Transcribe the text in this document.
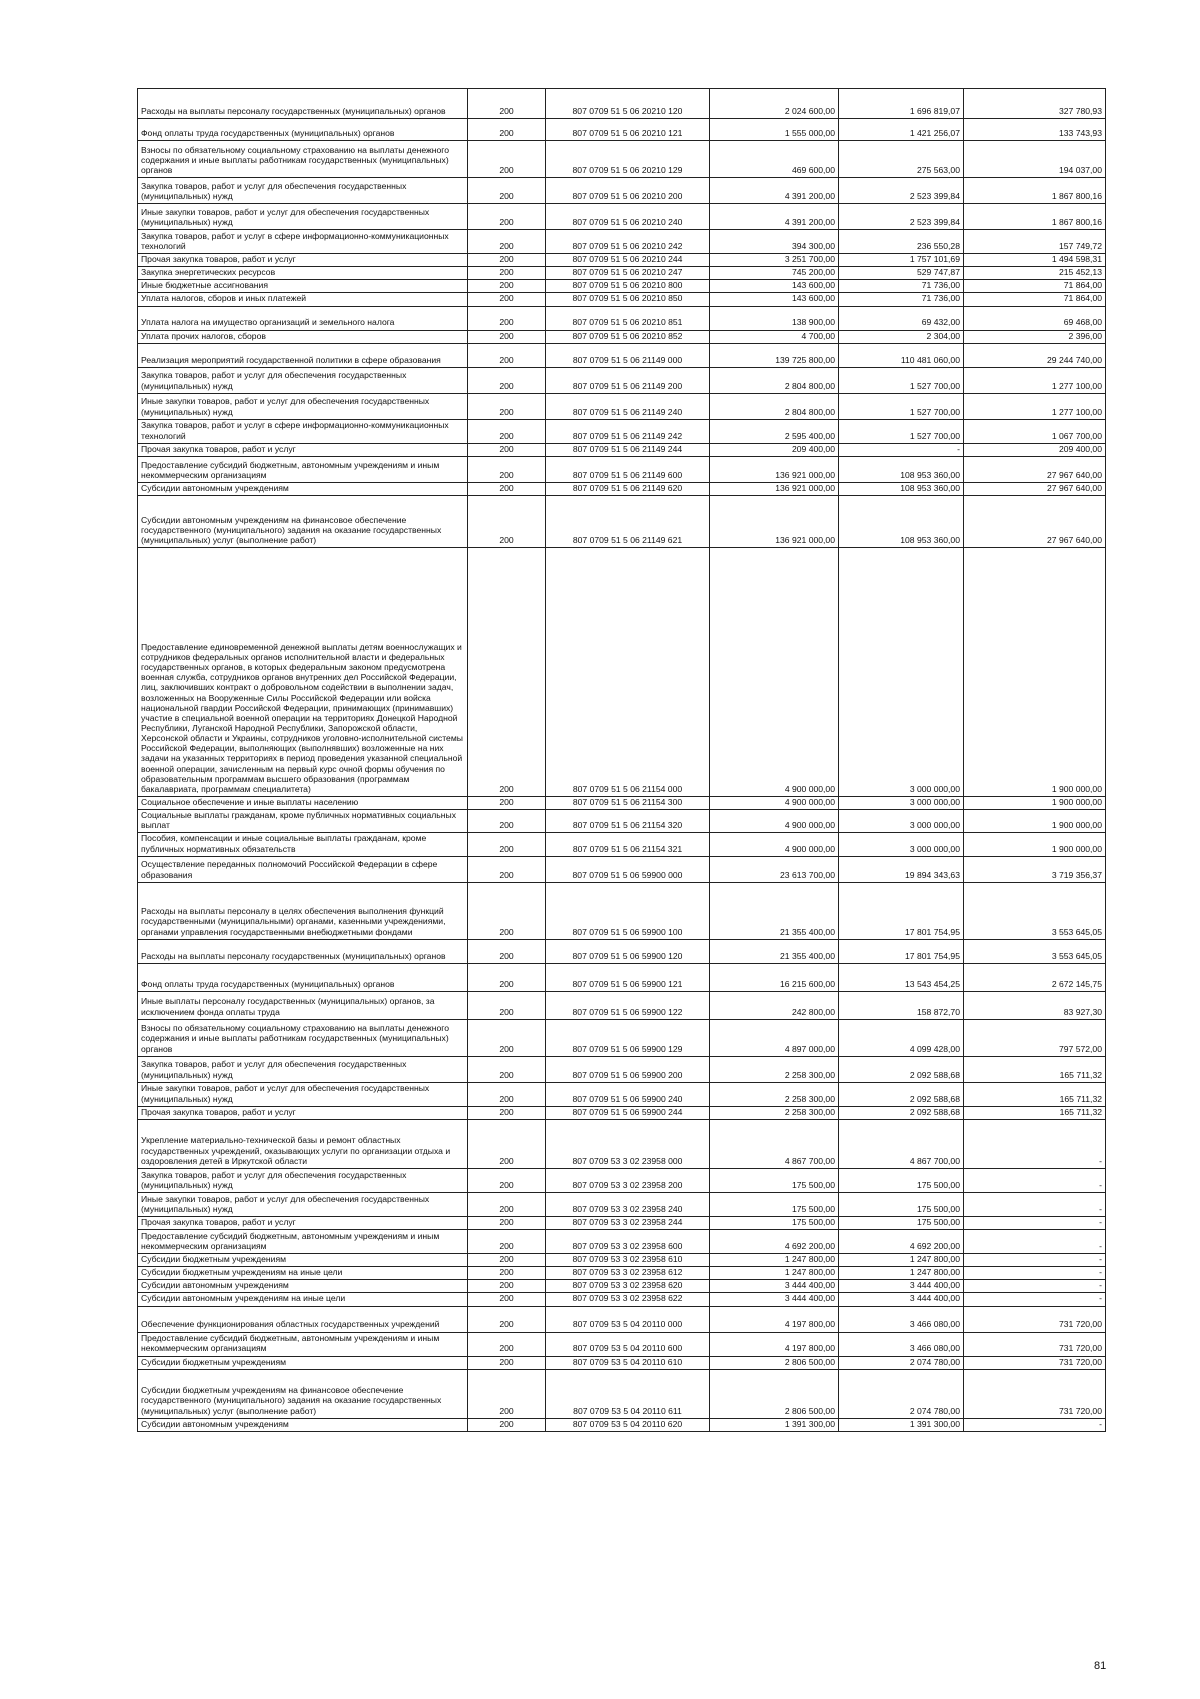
Расходы на выплаты персоналу государственных (муниципальных) органов	200	807 0709 51 5 06 20210 120	2 024 600,00	1 696 819,07	327 780,93
Фонд оплаты труда государственных (муниципальных) органов	200	807 0709 51 5 06 20210 121	1 555 000,00	1 421 256,07	133 743,93
Взносы по обязательному социальному страхованию на выплаты денежного содержания и иные выплаты работникам государственных (муниципальных) органов	200	807 0709 51 5 06 20210 129	469 600,00	275 563,00	194 037,00
Закупка товаров, работ и услуг для обеспечения государственных (муниципальных) нужд	200	807 0709 51 5 06 20210 200	4 391 200,00	2 523 399,84	1 867 800,16
Иные закупки товаров, работ и услуг для обеспечения государственных (муниципальных) нужд	200	807 0709 51 5 06 20210 240	4 391 200,00	2 523 399,84	1 867 800,16
Закупка товаров, работ и услуг в сфере информационно-коммуникационных технологий	200	807 0709 51 5 06 20210 242	394 300,00	236 550,28	157 749,72
Прочая закупка товаров, работ и услуг	200	807 0709 51 5 06 20210 244	3 251 700,00	1 757 101,69	1 494 598,31
Закупка энергетических ресурсов	200	807 0709 51 5 06 20210 247	745 200,00	529 747,87	215 452,13
Иные бюджетные ассигнования	200	807 0709 51 5 06 20210 800	143 600,00	71 736,00	71 864,00
Уплата налогов, сборов и иных платежей	200	807 0709 51 5 06 20210 850	143 600,00	71 736,00	71 864,00
Уплата налога на имущество организаций и земельного налога	200	807 0709 51 5 06 20210 851	138 900,00	69 432,00	69 468,00
Уплата прочих налогов, сборов	200	807 0709 51 5 06 20210 852	4 700,00	2 304,00	2 396,00
Реализация мероприятий государственной политики в сфере образования	200	807 0709 51 5 06 21149 000	139 725 800,00	110 481 060,00	29 244 740,00
Закупка товаров, работ и услуг для обеспечения государственных (муниципальных) нужд	200	807 0709 51 5 06 21149 200	2 804 800,00	1 527 700,00	1 277 100,00
Иные закупки товаров, работ и услуг для обеспечения государственных (муниципальных) нужд	200	807 0709 51 5 06 21149 240	2 804 800,00	1 527 700,00	1 277 100,00
Закупка товаров, работ и услуг в сфере информационно-коммуникационных технологий	200	807 0709 51 5 06 21149 242	2 595 400,00	1 527 700,00	1 067 700,00
Прочая закупка товаров, работ и услуг	200	807 0709 51 5 06 21149 244	209 400,00	-	209 400,00
Предоставление субсидий бюджетным, автономным учреждениям и иным некоммерческим организациям	200	807 0709 51 5 06 21149 600	136 921 000,00	108 953 360,00	27 967 640,00
Субсидии автономным учреждениям	200	807 0709 51 5 06 21149 620	136 921 000,00	108 953 360,00	27 967 640,00
Субсидии автономным учреждениям на финансовое обеспечение государственного (муниципального) задания на оказание государственных (муниципальных) услуг (выполнение работ)	200	807 0709 51 5 06 21149 621	136 921 000,00	108 953 360,00	27 967 640,00
Предоставление единовременной денежной выплаты детям военнослужащих и сотрудников федеральных органов исполнительной власти и федеральных государственных органов, в которых федеральным законом предусмотрена военная служба, сотрудников органов внутренних дел Российской Федерации, лиц, заключивших контракт о добровольном содействии в выполнении задач, возложенных на Вооруженные Силы Российской Федерации или войска национальной гвардии Российской Федерации, принимающих (принимавших) участие в специальной военной операции на территориях Донецкой Народной Республики, Луганской Народной Республики, Запорожской области, Херсонской области и Украины, сотрудников уголовно-исполнительной системы Российской Федерации, выполняющих (выполнявших) возложенные на них задачи на указанных территориях в период проведения указанной специальной военной операции, зачисленным на первый курс очной формы обучения по образовательным программам высшего образования (программам бакалавриата, программам специалитета)	200	807 0709 51 5 06 21154 000	4 900 000,00	3 000 000,00	1 900 000,00
Социальное обеспечение и иные выплаты населению	200	807 0709 51 5 06 21154 300	4 900 000,00	3 000 000,00	1 900 000,00
Социальные выплаты гражданам, кроме публичных нормативных социальных выплат	200	807 0709 51 5 06 21154 320	4 900 000,00	3 000 000,00	1 900 000,00
Пособия, компенсации и иные социальные выплаты гражданам, кроме публичных нормативных обязательств	200	807 0709 51 5 06 21154 321	4 900 000,00	3 000 000,00	1 900 000,00
Осуществление переданных полномочий Российской Федерации в сфере образования	200	807 0709 51 5 06 59900 000	23 613 700,00	19 894 343,63	3 719 356,37
Расходы на выплаты персоналу в целях обеспечения выполнения функций государственными (муниципальными) органами, казенными учреждениями, органами управления государственными внебюджетными фондами	200	807 0709 51 5 06 59900 100	21 355 400,00	17 801 754,95	3 553 645,05
Расходы на выплаты персоналу государственных (муниципальных) органов	200	807 0709 51 5 06 59900 120	21 355 400,00	17 801 754,95	3 553 645,05
Фонд оплаты труда государственных (муниципальных) органов	200	807 0709 51 5 06 59900 121	16 215 600,00	13 543 454,25	2 672 145,75
Иные выплаты персоналу государственных (муниципальных) органов, за исключением фонда оплаты труда	200	807 0709 51 5 06 59900 122	242 800,00	158 872,70	83 927,30
Взносы по обязательному социальному страхованию на выплаты денежного содержания и иные выплаты работникам государственных (муниципальных) органов	200	807 0709 51 5 06 59900 129	4 897 000,00	4 099 428,00	797 572,00
Закупка товаров, работ и услуг для обеспечения государственных (муниципальных) нужд	200	807 0709 51 5 06 59900 200	2 258 300,00	2 092 588,68	165 711,32
Иные закупки товаров, работ и услуг для обеспечения государственных (муниципальных) нужд	200	807 0709 51 5 06 59900 240	2 258 300,00	2 092 588,68	165 711,32
Прочая закупка товаров, работ и услуг	200	807 0709 51 5 06 59900 244	2 258 300,00	2 092 588,68	165 711,32
Укрепление материально-технической базы и ремонт областных государственных учреждений, оказывающих услуги по организации отдыха и оздоровления детей в Иркутской области	200	807 0709 53 3 02 23958 000	4 867 700,00	4 867 700,00	-
Закупка товаров, работ и услуг для обеспечения государственных (муниципальных) нужд	200	807 0709 53 3 02 23958 200	175 500,00	175 500,00	-
Иные закупки товаров, работ и услуг для обеспечения государственных (муниципальных) нужд	200	807 0709 53 3 02 23958 240	175 500,00	175 500,00	-
Прочая закупка товаров, работ и услуг	200	807 0709 53 3 02 23958 244	175 500,00	175 500,00	-
Предоставление субсидий бюджетным, автономным учреждениям и иным некоммерческим организациям	200	807 0709 53 3 02 23958 600	4 692 200,00	4 692 200,00	-
Субсидии бюджетным учреждениям	200	807 0709 53 3 02 23958 610	1 247 800,00	1 247 800,00	-
Субсидии бюджетным учреждениям на иные цели	200	807 0709 53 3 02 23958 612	1 247 800,00	1 247 800,00	-
Субсидии автономным учреждениям	200	807 0709 53 3 02 23958 620	3 444 400,00	3 444 400,00	-
Субсидии автономным учреждениям на иные цели	200	807 0709 53 3 02 23958 622	3 444 400,00	3 444 400,00	-
Обеспечение функционирования областных государственных учреждений	200	807 0709 53 5 04 20110 000	4 197 800,00	3 466 080,00	731 720,00
Предоставление субсидий бюджетным, автономным учреждениям и иным некоммерческим организациям	200	807 0709 53 5 04 20110 600	4 197 800,00	3 466 080,00	731 720,00
Субсидии бюджетным учреждениям	200	807 0709 53 5 04 20110 610	2 806 500,00	2 074 780,00	731 720,00
Субсидии бюджетным учреждениям на финансовое обеспечение государственного (муниципального) задания на оказание государственных (муниципальных) услуг (выполнение работ)	200	807 0709 53 5 04 20110 611	2 806 500,00	2 074 780,00	731 720,00
Субсидии автономным учреждениям	200	807 0709 53 5 04 20110 620	1 391 300,00	1 391 300,00	-
81
